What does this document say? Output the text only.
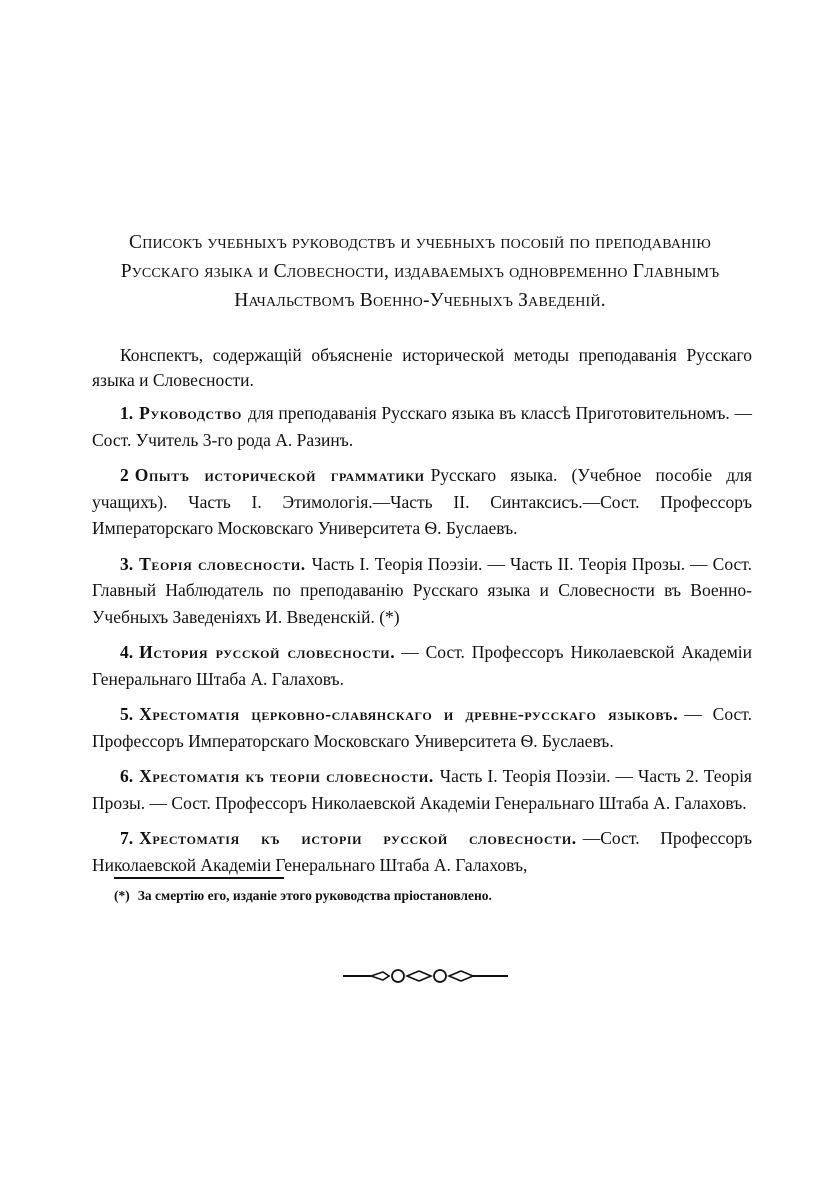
Списокъ учебныхъ руководствъ и учебныхъ пособій по преподаванію
Русскаго языка и Словесности, издаваемыхъ одновременно Главнымъ
Начальствомъ Военно-Учебныхъ Заведеній.

Конспектъ, содержащій объясненіе исторической методы преподаванія Русскаго языка и Словесности.

1. Руководство для преподаванія Русскаго языка въ классѣ Приготовительномъ. — Сост. Учитель 3-го рода А. Разинъ.
2 Опытъ исторической грамматики Русскаго языка. (Учебное пособіе для учащихъ). Часть I. Этимологія.—Часть II. Синтаксисъ.—Сост. Профессоръ Императорскаго Московскаго Университета Ѳ. Буслаевъ.
3. Теорія словесности. Часть I. Теорія Поэзіи. — Часть II. Теорія Прозы. — Сост. Главный Наблюдатель по преподаванію Русскаго языка и Словесности въ Военно-Учебныхъ Заведеніяхъ И. Введенскій. (*)
4. История русской словесности. — Сост. Профессоръ Николаевской Академіи Генеральнаго Штаба А. Галаховъ.
5. Хрестоматія церковно-славянскаго и древне-русскаго языковъ. — Сост. Профессоръ Императорскаго Московскаго Университета Ѳ. Буслаевъ.
6. Хрестоматія къ теоріи словесности. Часть I. Теорія Поэзіи. — Часть 2. Теорія Прозы. — Сост. Профессоръ Николаевской Академіи Генеральнаго Штаба А. Галаховъ.
7. Хрестоматія къ исторіи русской словесности. —Сост. Профессоръ Николаевской Академіи Генеральнаго Штаба А. Галаховъ,
(*) За смертію его, изданіе этого руководства пріостановлено.
